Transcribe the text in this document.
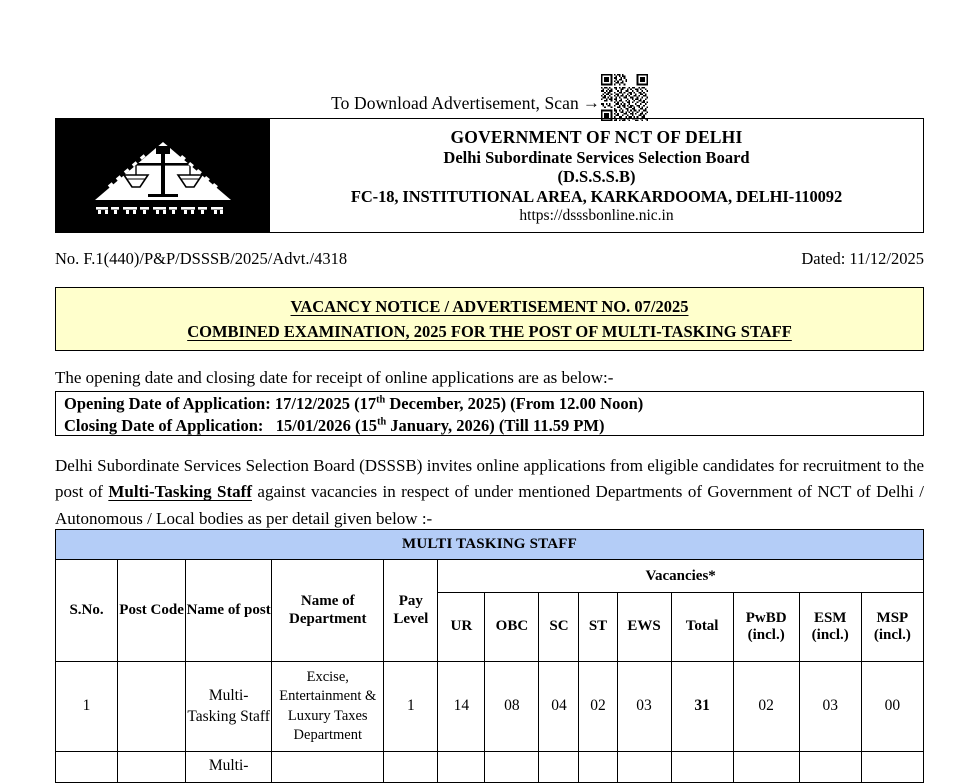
To Download Advertisement, Scan →
GOVERNMENT OF NCT OF DELHI
Delhi Subordinate Services Selection Board
(D.S.S.S.B)
FC-18, INSTITUTIONAL AREA, KARKARDOOMA, DELHI-110092
https://dsssbonline.nic.in
No. F.1(440)/P&P/DSSSB/2025/Advt./4318	Dated: 11/12/2025
VACANCY NOTICE / ADVERTISEMENT NO. 07/2025
COMBINED EXAMINATION, 2025 FOR THE POST OF MULTI-TASKING STAFF
The opening date and closing date for receipt of online applications are as below:-
Opening Date of Application: 17/12/2025 (17th December, 2025) (From 12.00 Noon)
Closing Date of Application:   15/01/2026 (15th January, 2026) (Till 11.59 PM)
Delhi Subordinate Services Selection Board (DSSSB) invites online applications from eligible candidates for recruitment to the post of Multi-Tasking Staff against vacancies in respect of under mentioned Departments of Government of NCT of Delhi / Autonomous / Local bodies as per detail given below :-
MULTI TASKING STAFF													
S.No.	Post Code	Name of post	Name of Department	Pay Level	Vacancies*								
					UR	OBC	SC	ST	EWS	Total	PwBD (incl.)	ESM (incl.)	MSP (incl.)
1		Multi-Tasking Staff	Excise, Entertainment & Luxury Taxes Department	1	14	08	04	02	03	31	02	03	00
		Multi-											
